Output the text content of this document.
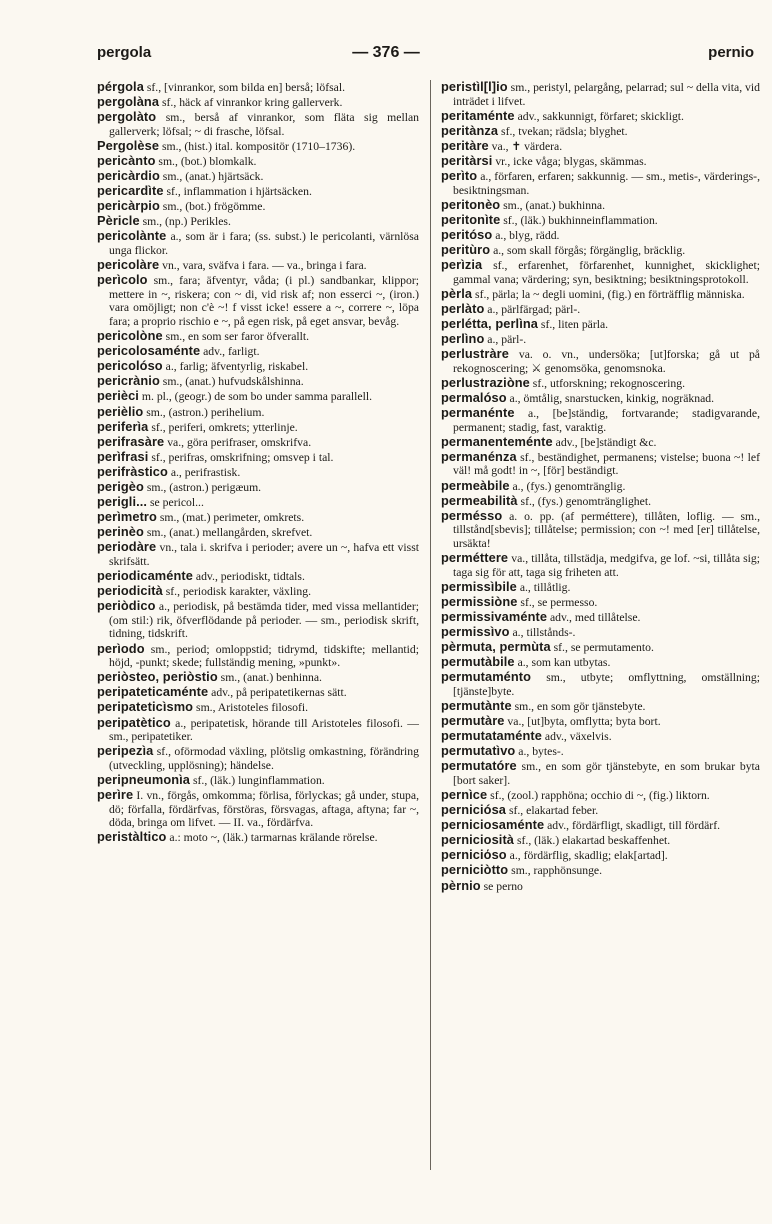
pergola	— 376 —	pernio

pérgola sf., [vinrankor, som bilda en] berså; löfsal.

pergolàna sf., häck af vinrankor kring gallerverk.

pergolàto sm., berså af vinrankor, som fläta sig mellan gallerverk; löfsal; ~ di frasche, löfsal.

Pergolèse sm., (hist.) ital. kompositör (1710–1736).

pericànto sm., (bot.) blomkalk.

pericàrdio sm., (anat.) hjärtsäck.

pericardìte sf., inflammation i hjärtsäcken.

pericàrpio sm., (bot.) frögömme.

Pèricle sm., (np.) Perikles.

pericolànte a., som är i fara; (ss. subst.) le pericolanti, värnlösa unga flickor.

pericolàre vn., vara, sväfva i fara. — va., bringa i fara.

perìcolo sm., fara; äfventyr, våda; (i pl.) sandbankar, klippor; mettere in ~, riskera; con ~ di, vid risk af; non esserci ~, (iron.) vara omöjligt; non c'è ~! f visst icke! essere a ~, correre ~, löpa fara; a proprio rischio e ~, på egen risk, på eget ansvar, bevåg.

pericolòne sm., en som ser faror öfverallt.

pericolosaménte adv., farligt.

pericolóso a., farlig; äfventyrlig, riskabel.

pericrànio sm., (anat.) hufvudskålshinna.

perièci m. pl., (geogr.) de som bo under samma parallell.

perièlio sm., (astron.) perihelium.

periferìa sf., periferi, omkrets; ytterlinje.

perifrasàre va., göra perifraser, omskrifva.

perìfrasi sf., perifras, omskrifning; omsvep i tal.

perifràstico a., perifrastisk.

perigèo sm., (astron.) perigæum.

perigli... se pericol...

perìmetro sm., (mat.) perimeter, omkrets.

perinèo sm., (anat.) mellangården, skrefvet.

periodàre vn., tala i. skrifva i perioder; avere un ~, hafva ett visst skrifsätt.

periodicaménte adv., periodiskt, tidtals.

periodicità sf., periodisk karakter, växling.

periòdico a., periodisk, på bestämda tider, med vissa mellantider; (om stil:) rik, öfverflödande på perioder. — sm., periodisk skrift, tidning, tidskrift.

perìodo sm., period; omloppstid; tidrymd, tidskifte; mellantid; höjd, -punkt; skede; fullständig mening, »punkt».

periòsteo, periòstio sm., (anat.) benhinna.

peripateticaménte adv., på peripatetikernas sätt.

peripateticìsmo sm., Aristoteles filosofi.

peripatètico a., peripatetisk, hörande till Aristoteles filosofi. — sm., peripatetiker.

peripezìa sf., oförmodad växling, plötslig omkastning, förändring (utveckling, upplösning); händelse.

peripneumonìa sf., (läk.) lunginflammation.

perìre I. vn., förgås, omkomma; förlisa, förlyckas; gå under, stupa, dö; förfalla, fördärfvas, förstöras, försvagas, aftaga, aftyna; far ~, döda, bringa om lifvet. — II. va., fördärfva.

peristàltico a.: moto ~, (läk.) tarmarnas krälande rörelse.

peristìl[l]io sm., peristyl, pelargång, pelarrad; sul ~ della vita, vid inträdet i lifvet.

peritaménte adv., sakkunnigt, förfaret; skickligt.

peritànza sf., tvekan; rädsla; blyghet.

peritàre va., ✝ värdera.

peritàrsi vr., icke våga; blygas, skämmas.

perìto a., förfaren, erfaren; sakkunnig. — sm., metis-, värderings-, besiktningsman.

peritonèo sm., (anat.) bukhinna.

peritonìte sf., (läk.) bukhinneinflammation.

peritóso a., blyg, rädd.

peritùro a., som skall förgås; förgänglig, bräcklig.

perìzia sf., erfarenhet, förfarenhet, kunnighet, skicklighet; gammal vana; värdering; syn, besiktning; besiktningsprotokoll.

pèrla sf., pärla; la ~ degli uomini, (fig.) en förträfflig människa.

perlàto a., pärlfärgad; pärl-.

perlétta, perlìna sf., liten pärla.

perlìno a., pärl-.

perlustràre va. o. vn., undersöka; [ut]forska; gå ut på rekognoscering; ⚔ genomsöka, genomsnoka.

perlustraziòne sf., utforskning; rekognoscering.

permalóso a., ömtålig, snarstucken, kinkig, nogräknad.

permanénte a., [be]ständig, fortvarande; stadigvarande, permanent; stadig, fast, varaktig.

permanenteménte adv., [be]ständigt &c.

permanénza sf., beständighet, permanens; vistelse; buona ~! lef väl! må godt! in ~, [för] beständigt.

permeàbile a., (fys.) genomtränglig.

permeabilità sf., (fys.) genomtränglighet.

perméssо a. o. pp. (af perméttere), tillåten, loflig. — sm., tillstånd[sbevis]; tillåtelse; permission; con ~! med [er] tillåtelse, ursäkta!

perméttere va., tillåta, tillstädja, medgifva, ge lof. ~si, tillåta sig; taga sig för att, taga sig friheten att.

permissìbile a., tillåtlig.

permissiòne sf., se permesso.

permissivaménte adv., med tillåtelse.

permissìvo a., tillstånds-.

pèrmuta, permùta sf., se permutamento.

permutàbile a., som kan utbytas.

permutaménto sm., utbyte; omflyttning, omställning; [tjänste]byte.

permutànte sm., en som gör tjänstebyte.

permutàre va., [ut]byta, omflytta; byta bort.

permutataménte adv., växelvis.

permutatìvo a., bytes-.

permutatóre sm., en som gör tjänstebyte, en som brukar byta [bort saker].

pernìce sf., (zool.) rapphöna; occhio di ~, (fig.) liktorn.

perniciósa sf., elakartad feber.

perniciosaménte adv., fördärfligt, skadligt, till fördärf.

perniciosità sf., (läk.) elakartad beskaffenhet.

perniciόso a., fördärflig, skadlig; elak[artad].

perniciòtto sm., rapphönsunge.

pèrnio se perno
